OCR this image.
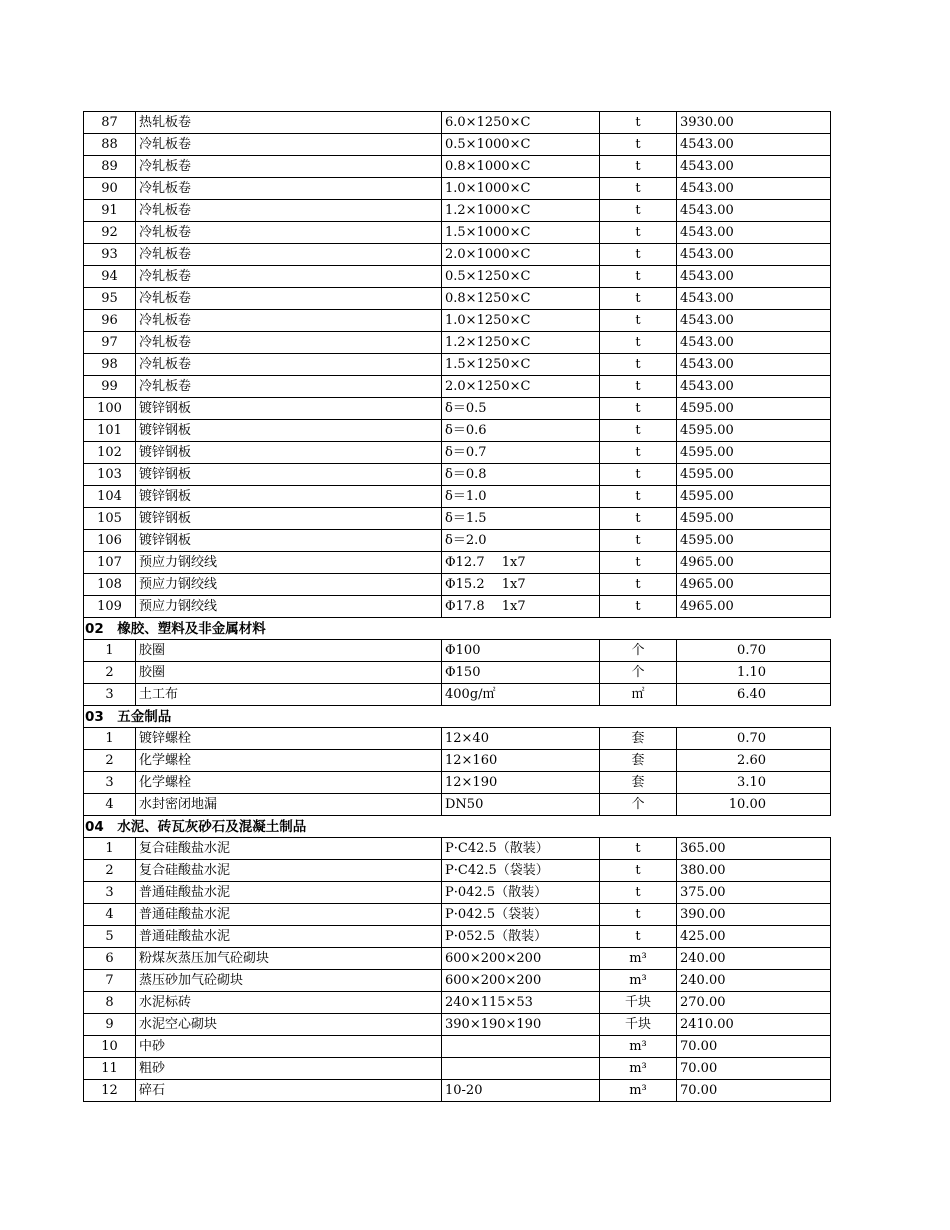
87	热轧板卷	6.0×1250×C	t	3930.00
88	冷轧板卷	0.5×1000×C	t	4543.00
89	冷轧板卷	0.8×1000×C	t	4543.00
90	冷轧板卷	1.0×1000×C	t	4543.00
91	冷轧板卷	1.2×1000×C	t	4543.00
92	冷轧板卷	1.5×1000×C	t	4543.00
93	冷轧板卷	2.0×1000×C	t	4543.00
94	冷轧板卷	0.5×1250×C	t	4543.00
95	冷轧板卷	0.8×1250×C	t	4543.00
96	冷轧板卷	1.0×1250×C	t	4543.00
97	冷轧板卷	1.2×1250×C	t	4543.00
98	冷轧板卷	1.5×1250×C	t	4543.00
99	冷轧板卷	2.0×1250×C	t	4543.00
100	镀锌钢板	δ＝0.5	t	4595.00
101	镀锌钢板	δ＝0.6	t	4595.00
102	镀锌钢板	δ＝0.7	t	4595.00
103	镀锌钢板	δ＝0.8	t	4595.00
104	镀锌钢板	δ＝1.0	t	4595.00
105	镀锌钢板	δ＝1.5	t	4595.00
106	镀锌钢板	δ＝2.0	t	4595.00
107	预应力钢绞线	Φ12.7　 1x7	t	4965.00
108	预应力钢绞线	Φ15.2　 1x7	t	4965.00
109	预应力钢绞线	Φ17.8　 1x7	t	4965.00
02　橡胶、塑料及非金属材料				
1	胶圈	Φ100	个	0.70
2	胶圈	Φ150	个	1.10
3	土工布	400g/㎡	㎡	6.40
03　五金制品				
1	镀锌螺栓	12×40	套	0.70
2	化学螺栓	12×160	套	2.60
3	化学螺栓	12×190	套	3.10
4	水封密闭地漏	DN50	个	10.00
04　水泥、砖瓦灰砂石及混凝土制品				
1	复合硅酸盐水泥	P·C42.5（散装）	t	365.00
2	复合硅酸盐水泥	P·C42.5（袋装）	t	380.00
3	普通硅酸盐水泥	P·042.5（散装）	t	375.00
4	普通硅酸盐水泥	P·042.5（袋装）	t	390.00
5	普通硅酸盐水泥	P·052.5（散装）	t	425.00
6	粉煤灰蒸压加气砼砌块	600×200×200	m³	240.00
7	蒸压砂加气砼砌块	600×200×200	m³	240.00
8	水泥标砖	240×115×53	千块	270.00
9	水泥空心砌块	390×190×190	千块	2410.00
10	中砂		m³	70.00
11	粗砂		m³	70.00
12	碎石	10-20	m³	70.00
